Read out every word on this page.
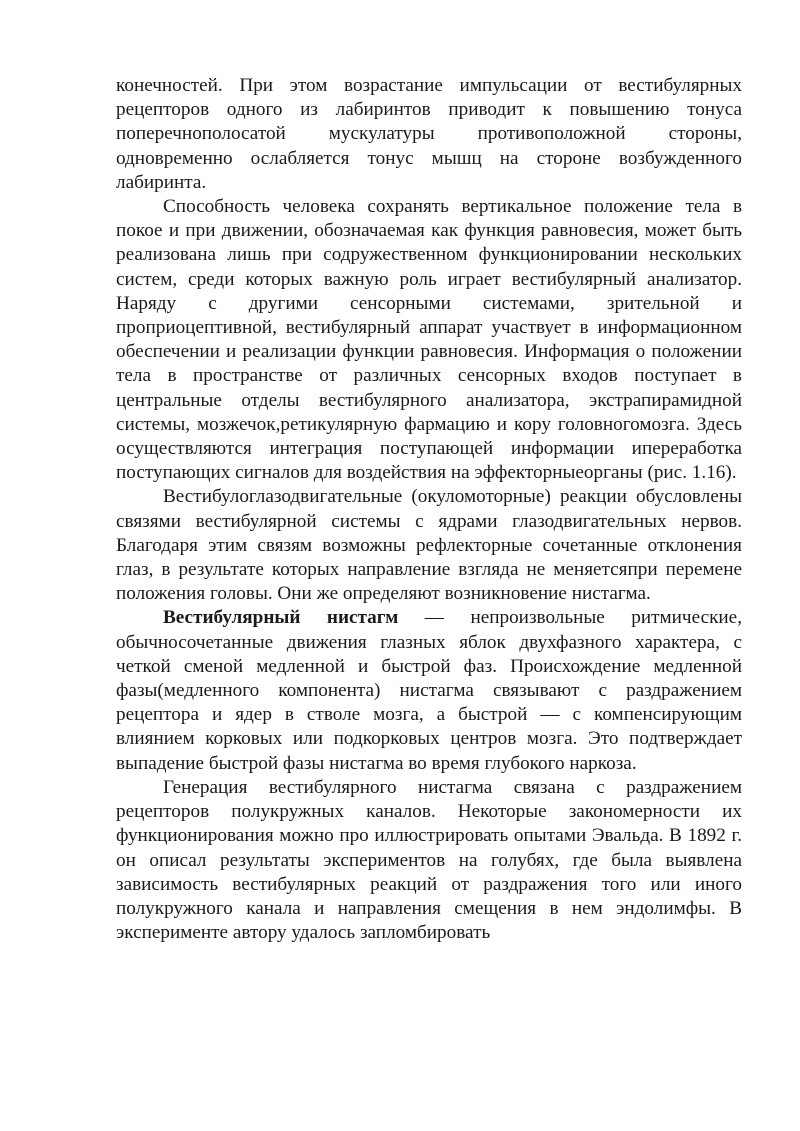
конечностей. При этом возрастание импульсации от вестибулярных рецепторов одного из лабиринтов приводит к повышению тонуса поперечнополосатой мускулатуры противоположной стороны, одновременно ослабляется тонус мышц на стороне возбужденного лабиринта.

Способность человека сохранять вертикальное положение тела в покое и при движении, обозначаемая как функция равновесия, может быть реализована лишь при содружественном функционировании нескольких систем, среди которых важную роль играет вестибулярный анализатор. Наряду с другими сенсорными системами, зрительной и проприоцептивной, вестибулярный аппарат участвует в информационном обеспечении и реализации функции равновесия. Информация о положении тела в пространстве от различных сенсорных входов поступает в центральные отделы вестибулярного анализатора, экстрапирамидной системы, мозжечок,ретикулярную фармацию и кору головногомозга. Здесь осуществляются интеграция поступающей информации ипереработка поступающих сигналов для воздействия на эффекторныеорганы (рис. 1.16).

Вестибулоглазодвигательные (окуломоторные) реакции обусловлены связями вестибулярной системы с ядрами глазодвигательных нервов. Благодаря этим связям возможны рефлекторные сочетанные отклонения глаз, в результате которых направление взгляда не меняетсяпри перемене положения головы. Они же определяют возникновение нистагма.

Вестибулярный нистагм — непроизвольные ритмические, обычносочетанные движения глазных яблок двухфазного характера, с четкой сменой медленной и быстрой фаз. Происхождение медленной фазы(медленного компонента) нистагма связывают с раздражением рецептора и ядер в стволе мозга, а быстрой — с компенсирующим влиянием корковых или подкорковых центров мозга. Это подтверждает выпадение быстрой фазы нистагма во время глубокого наркоза.

Генерация вестибулярного нистагма связана с раздражением рецепторов полукружных каналов. Некоторые закономерности их функционирования можно про иллюстрировать опытами Эвальда. В 1892 г. он описал результаты экспериментов на голубях, где была выявлена зависимость вестибулярных реакций от раздражения того или иного полукружного канала и направления смещения в нем эндолимфы. В эксперименте автору удалось запломбировать
